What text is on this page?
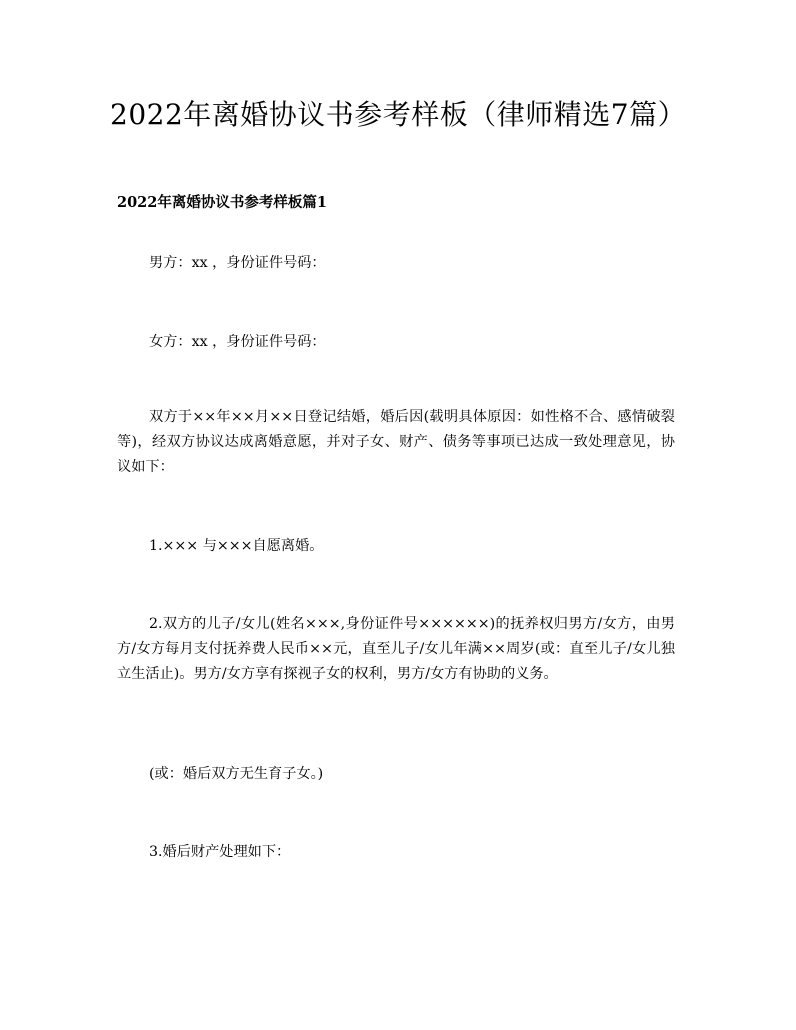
2022年离婚协议书参考样板（律师精选7篇）
2022年离婚协议书参考样板篇1
男方：xx ，身份证件号码：
女方：xx ，身份证件号码：
双方于××年××月××日登记结婚，婚后因(载明具体原因：如性格不合、感情破裂等)，经双方协议达成离婚意愿，并对子女、财产、债务等事项已达成一致处理意见，协议如下：
1.××× 与×××自愿离婚。
2.双方的儿子/女儿(姓名×××,身份证件号××××××)的抚养权归男方/女方，由男方/女方每月支付抚养费人民币××元，直至儿子/女儿年满××周岁(或：直至儿子/女儿独立生活止)。男方/女方享有探视子女的权利，男方/女方有协助的义务。
(或：婚后双方无生育子女。)
3.婚后财产处理如下：
